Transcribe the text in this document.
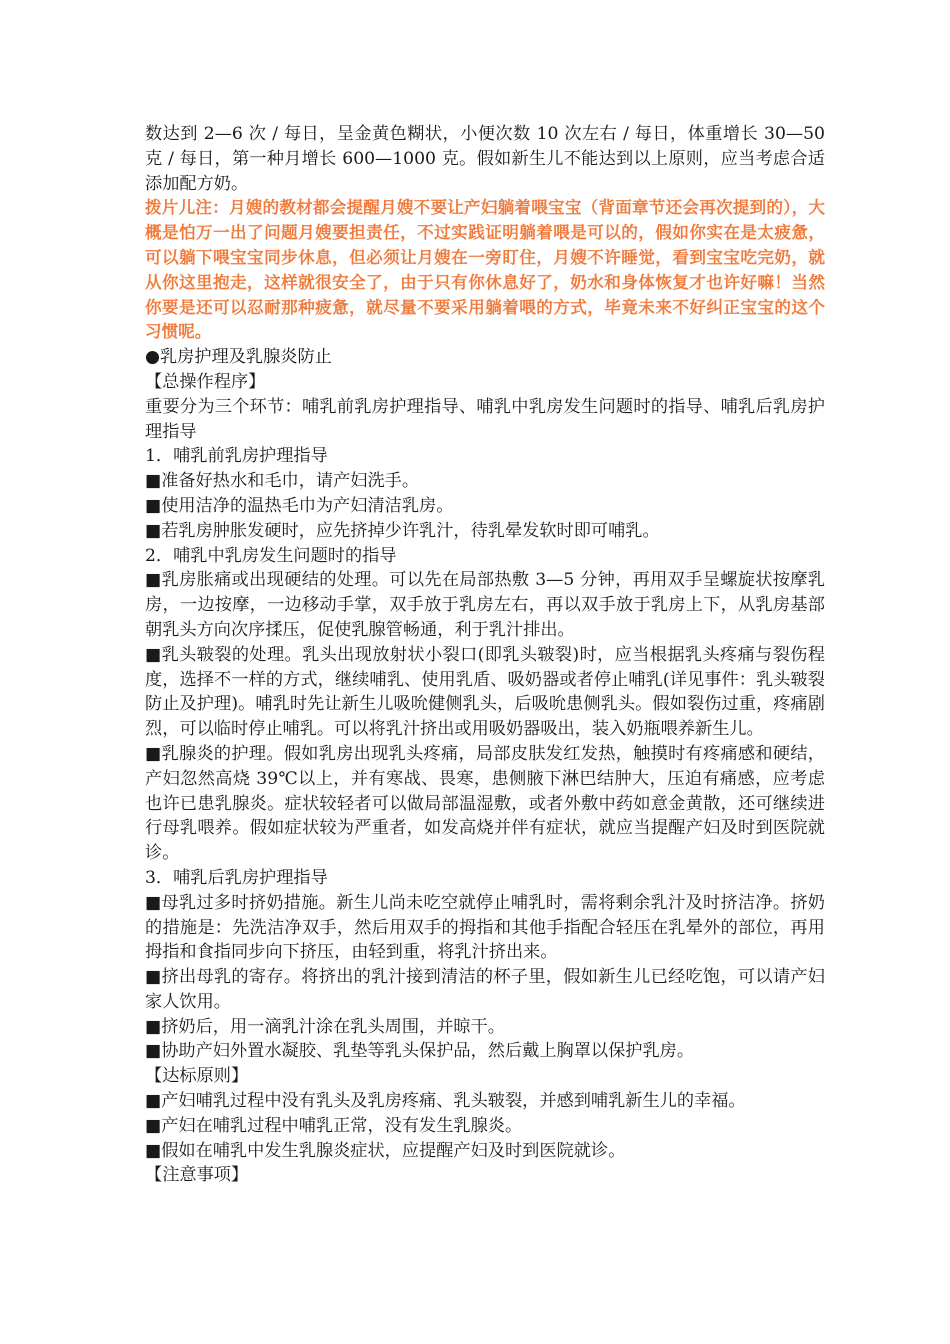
数达到 2—6 次 / 每日，呈金黄色糊状，小便次数 10 次左右 / 每日，体重增长 30—50 克 / 每日，第一种月增长 600—1000 克。假如新生儿不能达到以上原则，应当考虑合适添加配方奶。

拨片儿注：月嫂的教材都会提醒月嫂不要让产妇躺着喂宝宝（背面章节还会再次提到的），大概是怕万一出了问题月嫂要担责任，不过实践证明躺着喂是可以的，假如你实在是太疲惫，可以躺下喂宝宝同步休息，但必须让月嫂在一旁盯住，月嫂不许睡觉，看到宝宝吃完奶，就从你这里抱走，这样就很安全了，由于只有你休息好了，奶水和身体恢复才也许好嘛！当然你要是还可以忍耐那种疲惫，就尽量不要采用躺着喂的方式，毕竟未来不好纠正宝宝的这个习惯呢。

●乳房护理及乳腺炎防止

【总操作程序】

重要分为三个环节：哺乳前乳房护理指导、哺乳中乳房发生问题时的指导、哺乳后乳房护理指导

1．哺乳前乳房护理指导

■准备好热水和毛巾，请产妇洗手。

■使用洁净的温热毛巾为产妇清洁乳房。

■若乳房肿胀发硬时，应先挤掉少许乳汁，待乳晕发软时即可哺乳。

2．哺乳中乳房发生问题时的指导

■乳房胀痛或出现硬结的处理。可以先在局部热敷 3—5 分钟，再用双手呈螺旋状按摩乳房，一边按摩，一边移动手掌，双手放于乳房左右，再以双手放于乳房上下，从乳房基部朝乳头方向次序揉压，促使乳腺管畅通，利于乳汁排出。

■乳头皲裂的处理。乳头出现放射状小裂口(即乳头皲裂)时，应当根据乳头疼痛与裂伤程度，选择不一样的方式，继续哺乳、使用乳盾、吸奶器或者停止哺乳(详见事件：乳头皲裂防止及护理)。哺乳时先让新生儿吸吮健侧乳头，后吸吮患侧乳头。假如裂伤过重，疼痛剧烈，可以临时停止哺乳。可以将乳汁挤出或用吸奶器吸出，装入奶瓶喂养新生儿。

■乳腺炎的护理。假如乳房出现乳头疼痛，局部皮肤发红发热，触摸时有疼痛感和硬结，产妇忽然高烧 39℃以上，并有寒战、畏寒，患侧腋下淋巴结肿大，压迫有痛感，应考虑也许已患乳腺炎。症状较轻者可以做局部温湿敷，或者外敷中药如意金黄散，还可继续进行母乳喂养。假如症状较为严重者，如发高烧并伴有症状，就应当提醒产妇及时到医院就诊。

3．哺乳后乳房护理指导

■母乳过多时挤奶措施。新生儿尚未吃空就停止哺乳时，需将剩余乳汁及时挤洁净。挤奶的措施是：先洗洁净双手，然后用双手的拇指和其他手指配合轻压在乳晕外的部位，再用拇指和食指同步向下挤压，由轻到重，将乳汁挤出来。

■挤出母乳的寄存。将挤出的乳汁接到清洁的杯子里，假如新生儿已经吃饱，可以请产妇家人饮用。

■挤奶后，用一滴乳汁涂在乳头周围，并晾干。

■协助产妇外置水凝胶、乳垫等乳头保护品，然后戴上胸罩以保护乳房。

【达标原则】

■产妇哺乳过程中没有乳头及乳房疼痛、乳头皲裂，并感到哺乳新生儿的幸福。

■产妇在哺乳过程中哺乳正常，没有发生乳腺炎。

■假如在哺乳中发生乳腺炎症状，应提醒产妇及时到医院就诊。

【注意事项】
